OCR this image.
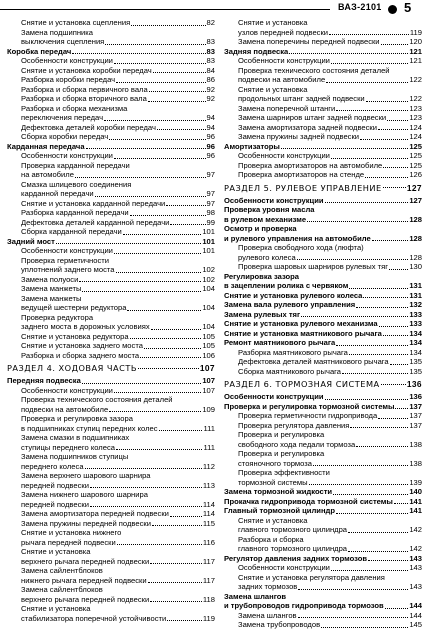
ВАЗ-2101 5
Снятие и установка сцепления	82
Замена подшипника
выключения сцепления	83
Коробка передач	83
Особенности конструкции	83
Снятие и установка коробки передач	84
Разборка коробки передач	86
Разборка и сборка первичного вала	92
Разборка и сборка вторичного вала	92
Разборка и сборка механизма
переключения передач	94
Дефектовка деталей коробки передач	94
Сборка коробки передач	96
Карданная передача	96
Особенности конструкции	96
Проверка карданной передачи
на автомобиле	97
Смазка шлицевого соединения
карданной передачи	97
Снятие и установка карданной передачи	97
Разборка карданной передачи	98
Дефектовка деталей карданной передачи	99
Сборка карданной передачи	101
Задний мост	101
Особенности конструкции	101
Проверка герметичности
уплотнений заднего моста	102
Замена полуоси	102
Замена манжеты	104
Замена манжеты
ведущей шестерни редуктора	104
Проверка редуктора
заднего моста в дорожных условиях	104
Снятие и установка редуктора	105
Снятие и установка заднего моста	105
Разборка и сборка заднего моста	106
РАЗДЕЛ 4. ХОДОВАЯ ЧАСТЬ	107
Передняя подвеска	107
Особенности конструкции	107
Проверка технического состояния деталей
подвески на автомобиле	109
Проверка и регулировка зазора
в подшипниках ступиц передних колес	111
Замена смазки в подшипниках
ступицы переднего колеса	111
Замена подшипников ступицы
переднего колеса	112
Замена верхнего шарового шарнира
передней подвески	113
Замена нижнего шарового шарнира
передней подвески	114
Замена амортизатора передней подвески	114
Замена пружины передней подвески	115
Снятие и установка нижнего
рычага передней подвески	116
Снятие и установка
верхнего рычага передней подвески	117
Замена сайлентблоков
нижнего рычага передней подвески	117
Замена сайлентблоков
верхнего рычага передней подвески	118
Снятие и установка
стабилизатора поперечной устойчивости	119
Снятие и установка
узлов передней подвески	119
Замена поперечины передней подвески	120
Задняя подвеска	121
Особенности конструкции	121
Проверка технического состояния деталей
подвески на автомобиле	122
Снятие и установка
продольных штанг задней подвески	122
Замена поперечной штанги	123
Замена шарниров штанг задней подвески	123
Замена амортизатора задней подвески	124
Замена пружины задней подвески	124
Амортизаторы	125
Особенности конструкции	125
Проверка амортизаторов на автомобиле	125
Проверка амортизаторов на стенде	126
РАЗДЕЛ 5. РУЛЕВОЕ УПРАВЛЕНИЕ	127
Особенности конструкции	127
Проверка уровня масла
в рулевом механизме	128
Осмотр и проверка
и рулевого управления на автомобиле	128
Проверка свободного хода (люфта)
рулевого колеса	128
Проверка шаровых шарниров рулевых тяг	130
Регулировка зазора
в зацеплении ролика с червяком	131
Снятие и установка рулевого колеса	131
Замена вала рулевого управления	132
Замена рулевых тяг	133
Снятие и установка рулевого механизма	133
Снятие и установка маятникового рычага	134
Ремонт маятникового рычага	134
Разборка маятникового рычага	134
Дефектовка деталей маятникового рычага	135
Сборка маятникового рычага	135
РАЗДЕЛ 6. ТОРМОЗНАЯ СИСТЕМА	136
Особенности конструкции	136
Проверка и регулировка тормозной системы 137
Проверка герметичности гидропривода	137
Проверка регулятора давления	137
Проверка и регулировка
свободного хода педали тормоза	138
Проверка и регулировка
стояночного тормоза	138
Проверка эффективности
тормозной системы	139
Замена тормозной жидкости	140
Прокачка гидропривода тормозной системы 141
Главный тормозной цилиндр	141
Снятие и установка
главного тормозного цилиндра	142
Разборка и сборка
главного тормозного цилиндра	142
Регулятор давления задних тормозов	143
Особенности конструкции	143
Снятие и установка регулятора давления
задних тормозов	143
Замена шлангов
и трубопроводов гидропривода тормозов	144
Замена шлангов	144
Замена трубопроводов	145
